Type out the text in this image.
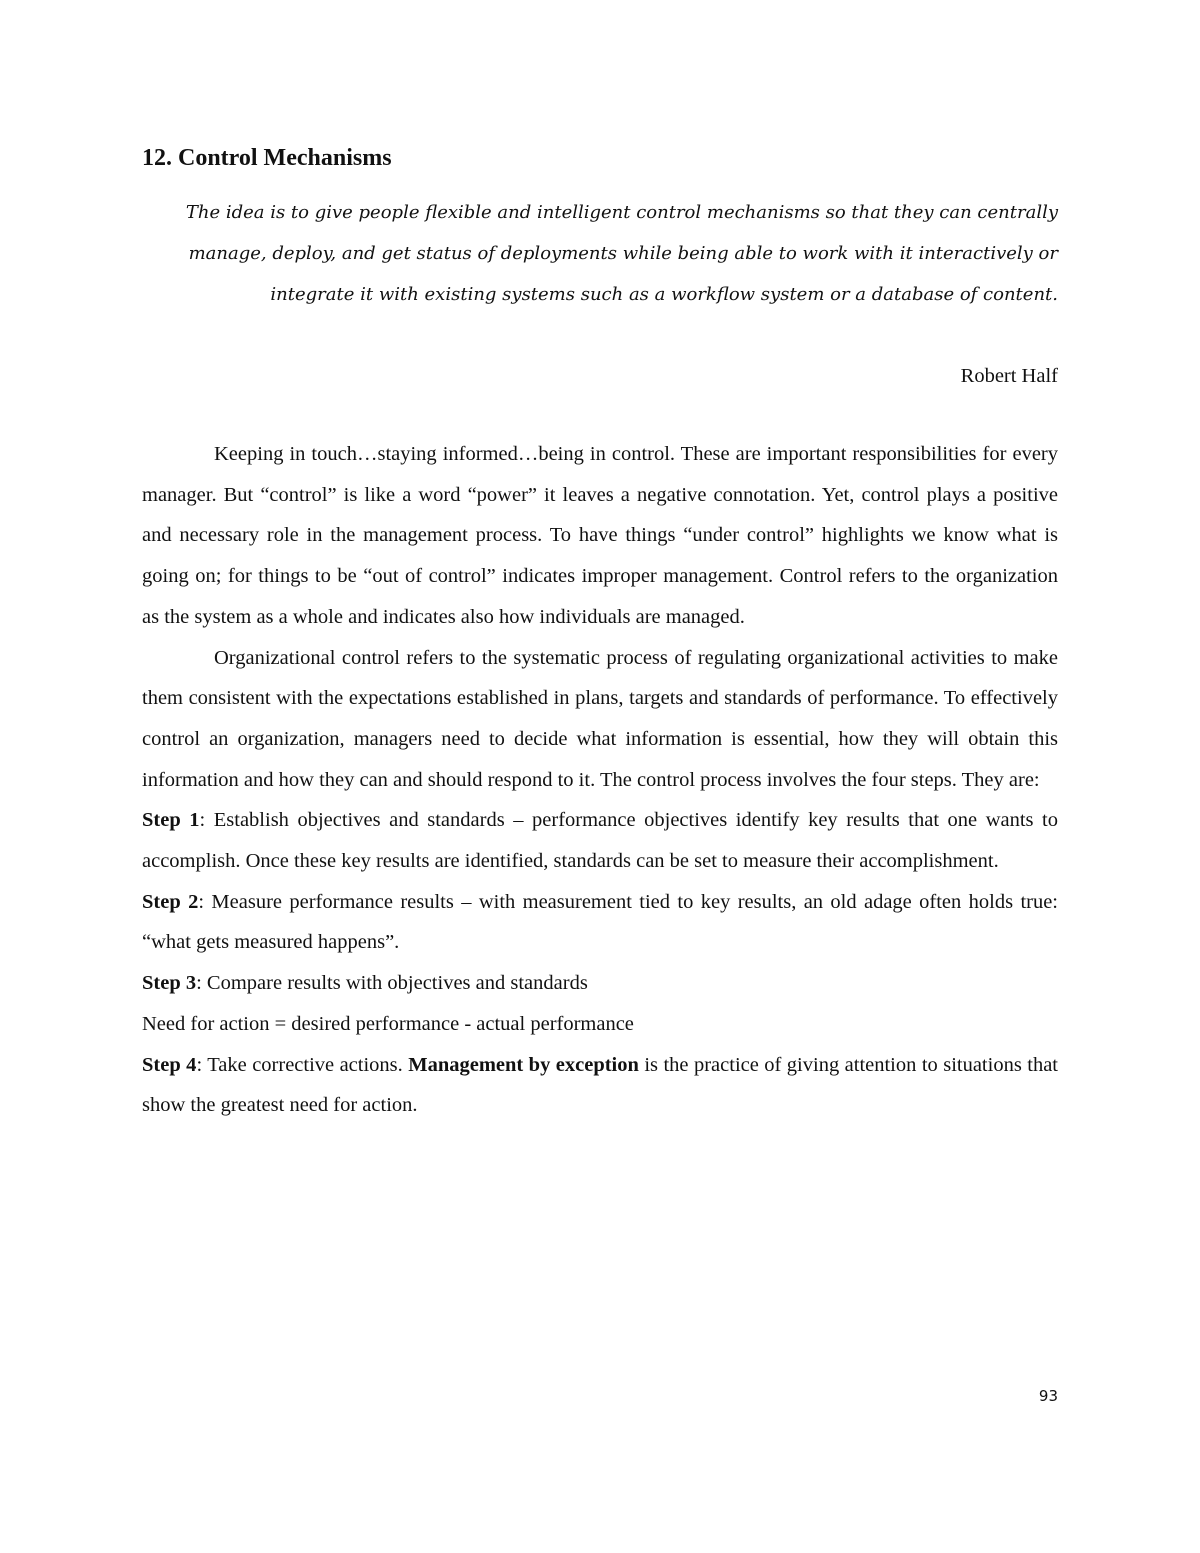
12. Control Mechanisms

The idea is to give people flexible and intelligent control mechanisms so that they can centrally manage, deploy, and get status of deployments while being able to work with it interactively or integrate it with existing systems such as a workflow system or a database of content.

Robert Half

Keeping in touch…staying informed…being in control. These are important responsibilities for every manager. But “control” is like a word “power” it leaves a negative connotation. Yet, control plays a positive and necessary role in the management process. To have things “under control” highlights we know what is going on; for things to be “out of control” indicates improper management. Control refers to the organization as the system as a whole and indicates also how individuals are managed.

Organizational control refers to the systematic process of regulating organizational activities to make them consistent with the expectations established in plans, targets and standards of performance. To effectively control an organization, managers need to decide what information is essential, how they will obtain this information and how they can and should respond to it. The control process involves the four steps. They are:

Step 1: Establish objectives and standards – performance objectives identify key results that one wants to accomplish. Once these key results are identified, standards can be set to measure their accomplishment.

Step 2: Measure performance results – with measurement tied to key results, an old adage often holds true: “what gets measured happens”.

Step 3: Compare results with objectives and standards

Need for action = desired performance - actual performance

Step 4: Take corrective actions. Management by exception is the practice of giving attention to situations that show the greatest need for action.

93
